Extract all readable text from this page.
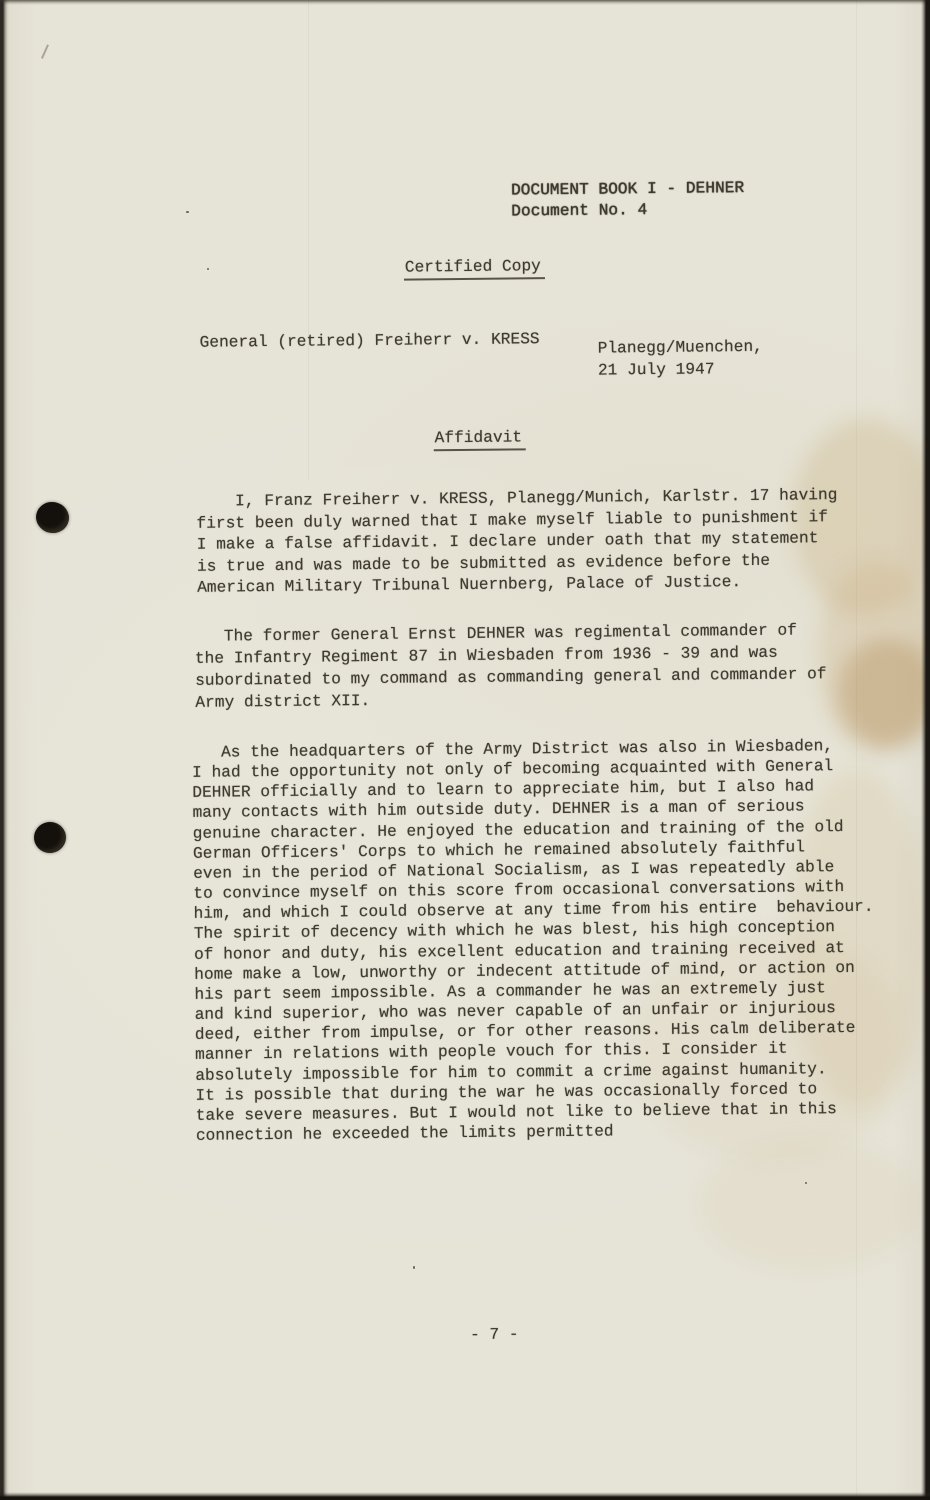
DOCUMENT BOOK I - DEHNER
Document No. 4
Certified Copy
General (retired) Freiherr v. KRESS	Planegg/Muenchen,
21 July 1947
Affidavit
I, Franz Freiherr v. KRESS, Planegg/Munich, Karlstr. 17 having
first been duly warned that I make myself liable to punishment if
I make a false affidavit. I declare under oath that my statement
is true and was made to be submitted as evidence before the
American Military Tribunal Nuernberg, Palace of Justice.
The former General Ernst DEHNER was regimental commander of
the Infantry Regiment 87 in Wiesbaden from 1936 - 39 and was
subordinated to my command as commanding general and commander of
Army district XII.
As the headquarters of the Army District was also in Wiesbaden,
I had the opportunity not only of becoming acquainted with General
DEHNER officially and to learn to appreciate him, but I also had
many contacts with him outside duty. DEHNER is a man of serious
genuine character. He enjoyed the education and training of the old
German Officers' Corps to which he remained absolutely faithful
even in the period of National Socialism, as I was repeatedly able
to convince myself on this score from occasional conversations with
him, and which I could observe at any time from his entire  behaviour.
The spirit of decency with which he was blest, his high conception
of honor and duty, his excellent education and training received at
home make a low, unworthy or indecent attitude of mind, or action on
his part seem impossible. As a commander he was an extremely just
and kind superior, who was never capable of an unfair or injurious
deed, either from impulse, or for other reasons. His calm deliberate
manner in relations with people vouch for this. I consider it
absolutely impossible for him to commit a crime against humanity.
It is possible that during the war he was occasionally forced to
take severe measures. But I would not like to believe that in this
connection he exceeded the limits permitted
- 7 -
